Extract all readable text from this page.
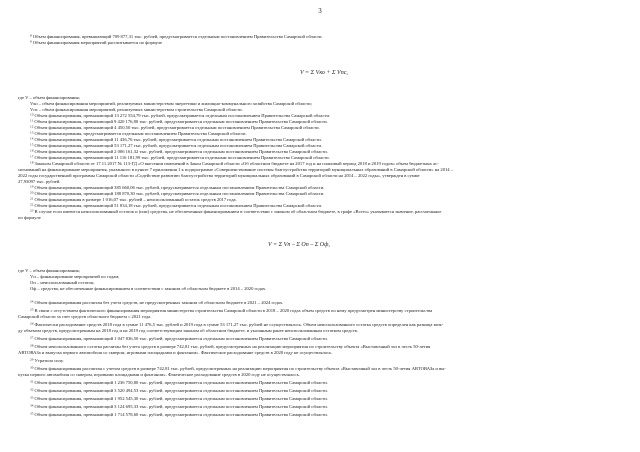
3
$^8$ Объем финансирования, превышающий 709 877,31 тыс. рублей, предусматривается отдельным постановлением Правительства Самарской области.
$^9$ Объем финансирования мероприятий рассчитывается по формуле
V = Σ Vко + Σ Vпс,
где V – объем финансирования;
Vко – объем финансирования мероприятий, реализуемых министерством энергетики и жилищно-коммунального хозяйства Самарской области;
Vпс – объем финансирования мероприятий, реализуемых министерством строительства Самарской области.
$^{10}$ Объем финансирования, превышающий 13 272 554,79 тыс. рублей, предусматривается отдельным постановлением Правительства Самарской области.
$^{11}$ Объем финансирования, превышающий 9 420 176,80 тыс. рублей, предусматривается отдельным постановлением Правительства Самарской области.
$^{12}$ Объем финансирования, превышающий 4 450,50 тыс. рублей, предусматривается отдельным постановлением Правительства Самарской области.
$^{13}$ Объем финансирования, предусматривается отдельным постановлением Правительства Самарской области.
$^{14}$ Объем финансирования, превышающий 11 436,76 тыс. рублей, предусматривается отдельным постановлением Правительства Самарской области.
$^{15}$ Объем финансирования, превышающий 53 171,27 тыс. рублей, предусматривается отдельным постановлением Правительства Самарской области.
$^{16}$ Объем финансирования, превышающий 2 006 161,32 тыс. рублей, предусматривается отдельным постановлением Правительства Самарской области.
$^{17}$ Объем финансирования, превышающий 11 116 181,99 тыс. рублей, предусматривается отдельным постановлением Правительства Самарской области.
$^{18}$ Законом Самарской области от 17.11.2017 № 113-ГД «О внесении изменений в Закон Самарской области «Об областном бюджете на 2017 год и на плановый период 2018 и 2019 годов» объем бюджетных ас-
сигнований на финансирование мероприятия, указанного в пункте 7 приложения 1 к подпрограмме «Совершенствование системы благоустройства территорий муниципальных образований в Самарской области» на 2014 –
2022 годы государственной программы Самарской области «Содействие развитию благоустройства территорий муниципальных образований в Самарской области на 2014 – 2022 годы», утвержден в сумме
27,93097 тыс. рублей.
$^{19}$ Объем финансирования, превышающий 385 660,06 тыс. рублей, предусматривается отдельным постановлением Правительства Самарской области.
$^{20}$ Объем финансирования, превышающий 188 870,30 тыс. рублей, предусматривается отдельным постановлением Правительства Самарской области.
$^{21}$ Объем финансирования в размере 1 016,07 тыс. рублей – неиспользованный остаток средств 2017 года.
$^{22}$ Объем финансирования, превышающий 51 834,18 тыс. рублей, предусматривается отдельным постановлением Правительства Самарской области.
$^{23}$ В случае если имеются неиспользованный остаток и (или) средства, не обеспеченные финансированием в соответствии с законом об областном бюджете, в графе «Всего» указывается значение, рассчитанное
по формуле
V = Σ Vп – Σ Оп – Σ Оф,
где V – объем финансирования;
Vп – финансирование мероприятий по годам;
Оп – неиспользованный остаток;
Оф – средства, не обеспеченные финансированием в соответствии с законом об областном бюджете в 2014 – 2020 годах.
$^{24}$ Объем финансирования рассчитан без учета средств, не предусмотренных законом об областном бюджете в 2021 – 2024 годах.
$^{25}$ В связи с отсутствием фактического финансирования мероприятия министерства строительства Самарской области в 2018 – 2020 годах объем средств по нему предусмотрен министерству строительства
Самарской области за счет средств областного бюджета с 2021 года.
$^{26}$ Фактически расходование средств 2018 года в сумме 11 476,5 тыс. рублей и 2019 года в сумме 53 171,27 тыс. рублей не осуществлялось. Объем неиспользованного остатка средств определен как разница меж-
ду объемом средств, предусмотренным на 2018 год и на 2019 год соответствующим законом об областном бюджете, и указанным ранее неиспользованным остатком средств.
$^{27}$ Объем финансирования, превышающий 1 047 836,50 тыс. рублей, предусматривается отдельным постановлением Правительства Самарской области.
$^{28}$ Объем неиспользованного остатка расчитан без учета средств в размере 742,81 тыс. рублей, предусмотренных на реализацию мероприятия по строительству объекта «Выставочный зал в честь 50-летия
АВТОВАЗа и выпуска первого автомобиля со сквером, игровыми площадками и фонтаном». Фактическое расходование средств в 2020 году не осуществлялось.
$^{29}$ Утратила силу.
$^{30}$ Объем финансирования рассчитан с учетом средств в размере 742,81 тыс. рублей, предусмотренных на реализацию мероприятия по строительству объекта «Выставочный зал в честь 50-летия АВТОВАЗа и вы-
пуска первого автомобиля со сквером, игровыми площадками и фонтаном». Фактическое расходование средств в 2020 году не осуществлялось.
$^{31}$ Объем финансирования, превышающий 1 236 750,80 тыс. рублей, предусматривается отдельным постановлением Правительства Самарской области.
$^{32}$ Объем финансирования, превышающий 3 520 494,53 тыс. рублей, предусматривается отдельным постановлением Правительства Самарской области.
$^{33}$ Объем финансирования, превышающий 1 952 545,30 тыс. рублей, предусматривается отдельным постановлением Правительства Самарской области.
$^{34}$ Объем финансирования, превышающий 3 124 695,33 тыс. рублей, предусматривается отдельным постановлением Правительства Самарской области.
$^{35}$ Объем финансирования, превышающий 1 714 578,60 тыс. рублей, предусматривается отдельным постановлением Правительства Самарской области.
